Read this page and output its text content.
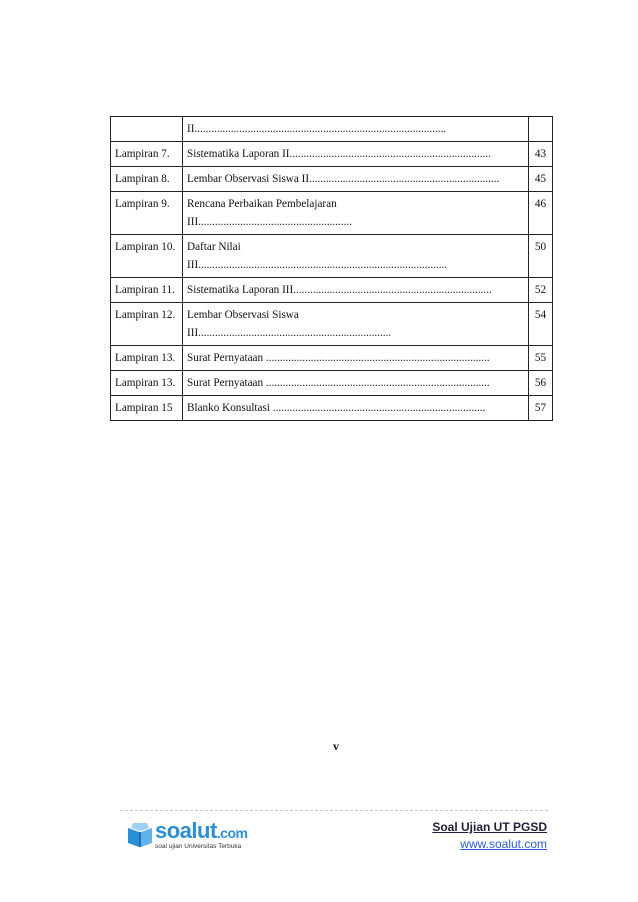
	II..........................................................................................	

Lampiran 7.	Sistematika Laporan II........................................................................	43
Lampiran 8.	Lembar Observasi Siswa II....................................................................	45
Lampiran 9.	Rencana Perbaikan Pembelajaran
III.......................................................	46
Lampiran 10.	Daftar Nilai
III.........................................................................................	50
Lampiran 11.	Sistematika Laporan III.......................................................................	52
Lampiran 12.	Lembar Observasi Siswa
III.....................................................................	54
Lampiran 13.	Surat Pernyataan ................................................................................	55
Lampiran 13.	Surat Pernyataan ................................................................................	56
Lampiran 15	Blanko Konsultasi ............................................................................	57
v
soalut.com
soal ujian Universitas Terbuka
Soal Ujian UT PGSD
www.soalut.com
